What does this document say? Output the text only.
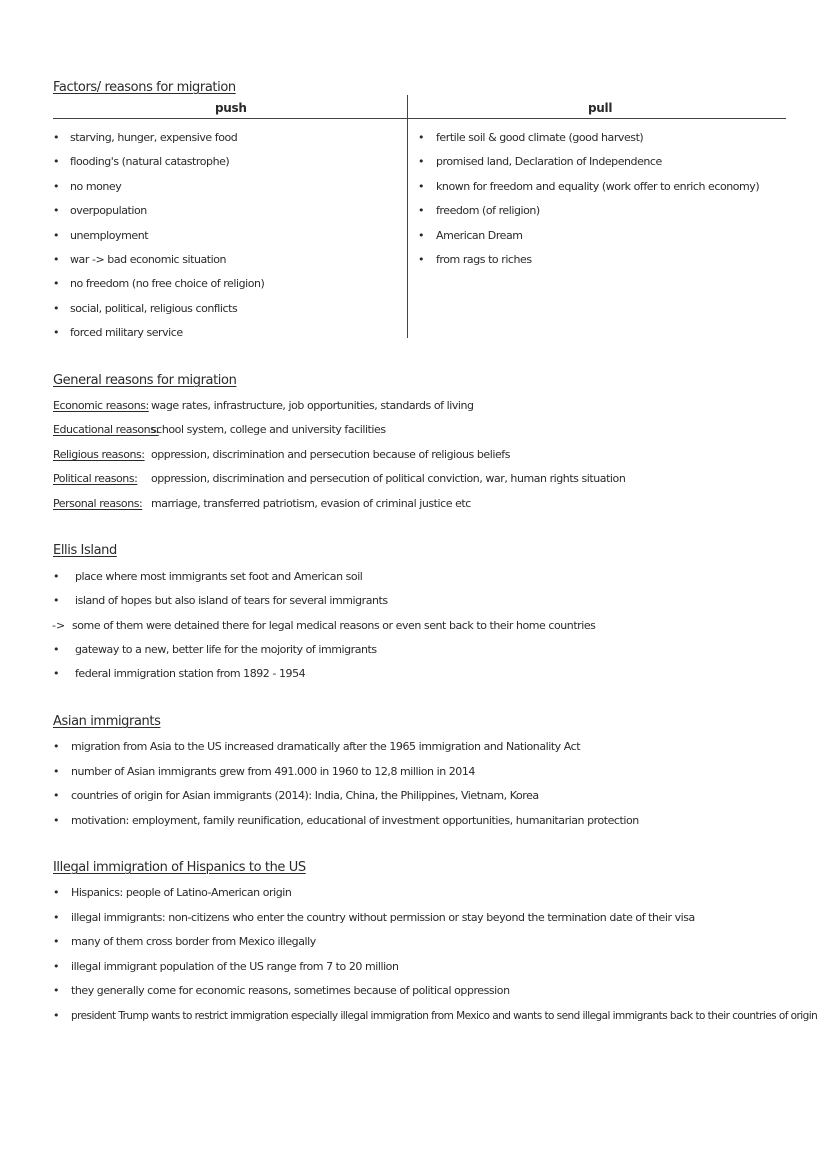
Factors/ reasons for migration
push	pull
• starving, hunger, expensive food
• flooding's (natural catastrophe)
• no money
• overpopulation
• unemployment
• war -> bad economic situation
• no freedom (no free choice of religion)
• social, political, religious conflicts
• forced military service
• fertile soil & good climate (good harvest)
• promised land, Declaration of Independence
• known for freedom and equality (work offer to enrich economy)
• freedom (of religion)
• American Dream
• from rags to riches
General reasons for migration
Economic reasons: wage rates, infrastructure, job opportunities, standards of living
Educational reasons:
school system, college and university facilities
Religious reasons: oppression, discrimination and persecution because of religious beliefs
Political reasons: oppression, discrimination and persecution of political conviction, war, human rights situation
Personal reasons: marriage, transferred patriotism, evasion of criminal justice etc
Ellis Island
• place where most immigrants set foot and American soil
• island of hopes but also island of tears for several immigrants
-> some of them were detained there for legal medical reasons or even sent back to their home countries
• gateway to a new, better life for the mojority of immigrants
• federal immigration station from 1892 - 1954
Asian immigrants
• migration from Asia to the US increased dramatically after the 1965 immigration and Nationality Act
• number of Asian immigrants grew from 491.000 in 1960 to 12,8 million in 2014
• countries of origin for Asian immigrants (2014): India, China, the Philippines, Vietnam, Korea
• motivation: employment, family reunification, educational of investment opportunities, humanitarian protection
Illegal immigration of Hispanics to the US
• Hispanics: people of Latino-American origin
• illegal immigrants: non-citizens who enter the country without permission or stay beyond the termination date of their visa
• many of them cross border from Mexico illegally
• illegal immigrant population of the US range from 7 to 20 million
• they generally come for economic reasons, sometimes because of political oppression
• president Trump wants to restrict immigration especially illegal immigration from Mexico and wants to send illegal immigrants back to their countries of origin
